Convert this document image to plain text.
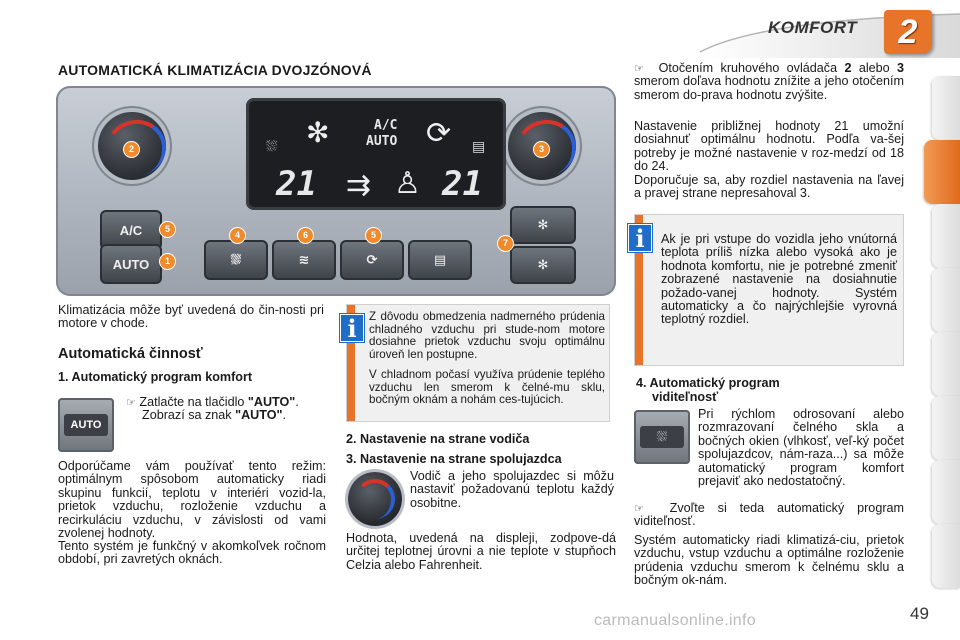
KOMFORT	2
AUTOMATICKÁ KLIMATIZÁCIA DVOJZÓNOVÁ
2	3
⛆	✻	A/C
AUTO ⟳ ▤
21 ⇉ ♙ 21
A/C
AUTO
5
1	⛆	≋	⟳	▤
4	6	5
✻
✻
7
Klimatizácia môže byť uvedená do čin-nosti pri motore v chode.
Automatická činnosť
1. Automatický program komfort
AUTO
☞ Zatlačte na tlačidlo "AUTO".
Zobrazí sa znak "AUTO".
Odporúčame vám používať tento režim: optimálnym spôsobom automaticky riadi skupinu funkcií, teplotu v interiéri vozid-la, prietok vzduchu, rozloženie vzduchu a recirkuláciu vzduchu, v závislosti od vami zvolenej hodnoty.
Tento systém je funkčný v akomkoľvek ročnom období, pri zavretých oknách.
Z dôvodu obmedzenia nadmerného prúdenia chladného vzduchu pri stude-nom motore dosiahne prietok vzduchu svoju optimálnu úroveň len postupne.
V chladnom počasí využíva prúdenie teplého vzduchu len smerom k čelné-mu sklu, bočným oknám a nohám ces-tujúcich.
i
2. Nastavenie na strane vodiča
3. Nastavenie na strane spolujazdca
Vodič a jeho spolujazdec si môžu nastaviť požadovanú teplotu každý osobitne.
Hodnota, uvedená na displeji, zodpove-dá určitej teplotnej úrovni a nie teplote v stupňoch Celzia alebo Fahrenheit.
☞ Otočením kruhového ovládača 2 alebo 3 smerom doľava hodnotu znížite a jeho otočením smerom do-prava hodnotu zvýšite.
Nastavenie približnej hodnoty 21 umožní dosiahnuť optimálnu hodnotu. Podľa va-šej potreby je možné nastavenie v roz-medzí od 18 do 24.
Doporučuje sa, aby rozdiel nastavenia na ľavej a pravej strane nepresahoval 3.
Ak je pri vstupe do vozidla jeho vnútorná teplota príliš nízka alebo vysoká ako je hodnota komfortu, nie je potrebné zmeniť zobrazené nastavenie na dosiahnutie požado-vanej hodnoty. Systém automaticky a čo najrýchlejšie vyrovná teplotný rozdiel.
i
4. Automatický program
viditeľnosť
⛆
Pri rýchlom odrosovaní alebo rozmrazovaní čelného skla a bočných okien (vlhkosť, veľ-ký počet spolujazdcov, nám-raza...) sa môže automatický program komfort prejaviť ako nedostatočný.
☞ Zvoľte si teda automatický program viditeľnosť.
Systém automaticky riadi klimatizá-ciu, prietok vzduchu, vstup vzduchu a optimálne rozloženie prúdenia vzduchu smerom k čelnému sklu a bočným ok-nám.
49
carmanualsonline.info
